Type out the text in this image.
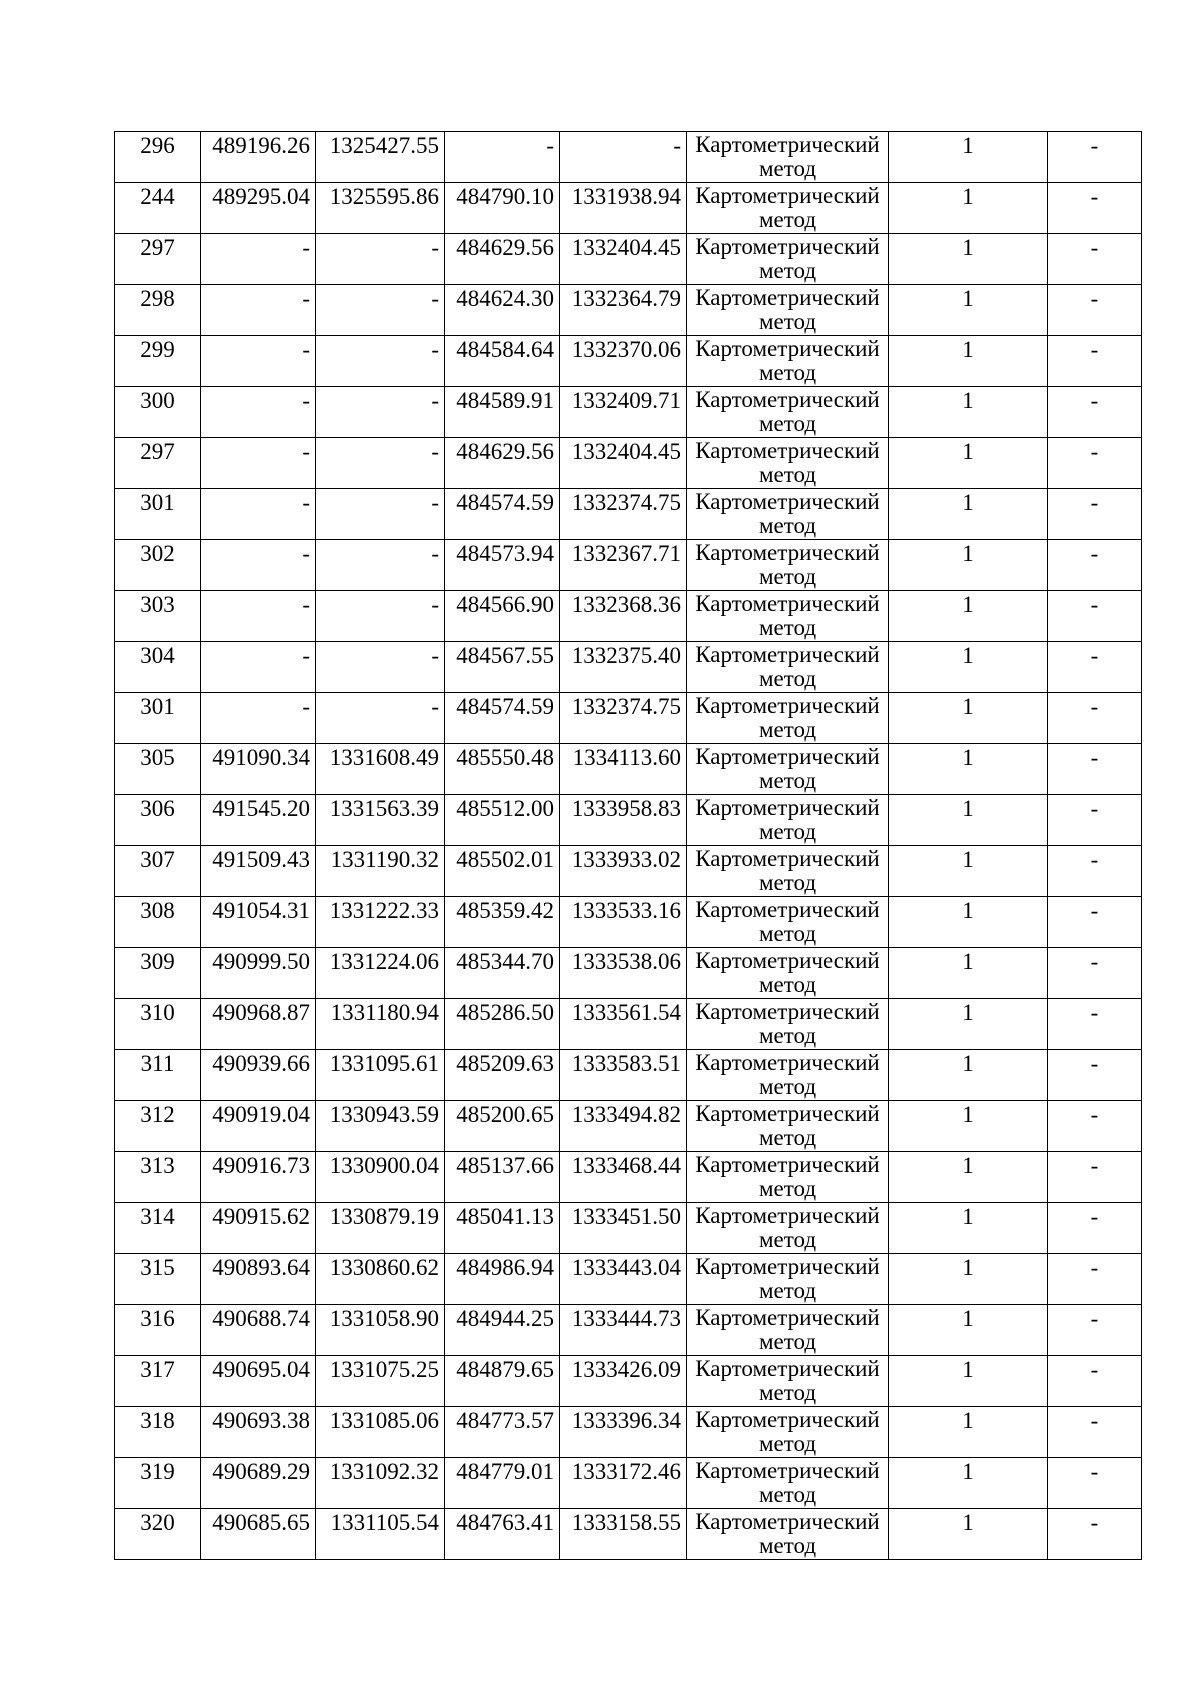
296	489196.26	1325427.55	-	-	Картометрический метод	1	-

244	489295.04	1325595.86	484790.10	1331938.94	Картометрический метод	1	-

297	-	-	484629.56	1332404.45	Картометрический метод	1	-

298	-	-	484624.30	1332364.79	Картометрический метод	1	-

299	-	-	484584.64	1332370.06	Картометрический метод	1	-

300	-	-	484589.91	1332409.71	Картометрический метод	1	-

297	-	-	484629.56	1332404.45	Картометрический метод	1	-

301	-	-	484574.59	1332374.75	Картометрический метод	1	-

302	-	-	484573.94	1332367.71	Картометрический метод	1	-

303	-	-	484566.90	1332368.36	Картометрический метод	1	-

304	-	-	484567.55	1332375.40	Картометрический метод	1	-

301	-	-	484574.59	1332374.75	Картометрический метод	1	-

305	491090.34	1331608.49	485550.48	1334113.60	Картометрический метод	1	-

306	491545.20	1331563.39	485512.00	1333958.83	Картометрический метод	1	-

307	491509.43	1331190.32	485502.01	1333933.02	Картометрический метод	1	-

308	491054.31	1331222.33	485359.42	1333533.16	Картометрический метод	1	-

309	490999.50	1331224.06	485344.70	1333538.06	Картометрический метод	1	-

310	490968.87	1331180.94	485286.50	1333561.54	Картометрический метод	1	-

311	490939.66	1331095.61	485209.63	1333583.51	Картометрический метод	1	-

312	490919.04	1330943.59	485200.65	1333494.82	Картометрический метод	1	-

313	490916.73	1330900.04	485137.66	1333468.44	Картометрический метод	1	-

314	490915.62	1330879.19	485041.13	1333451.50	Картометрический метод	1	-

315	490893.64	1330860.62	484986.94	1333443.04	Картометрический метод	1	-

316	490688.74	1331058.90	484944.25	1333444.73	Картометрический метод	1	-

317	490695.04	1331075.25	484879.65	1333426.09	Картометрический метод	1	-

318	490693.38	1331085.06	484773.57	1333396.34	Картометрический метод	1	-

319	490689.29	1331092.32	484779.01	1333172.46	Картометрический метод	1	-

320	490685.65	1331105.54	484763.41	1333158.55	Картометрический метод	1	-
